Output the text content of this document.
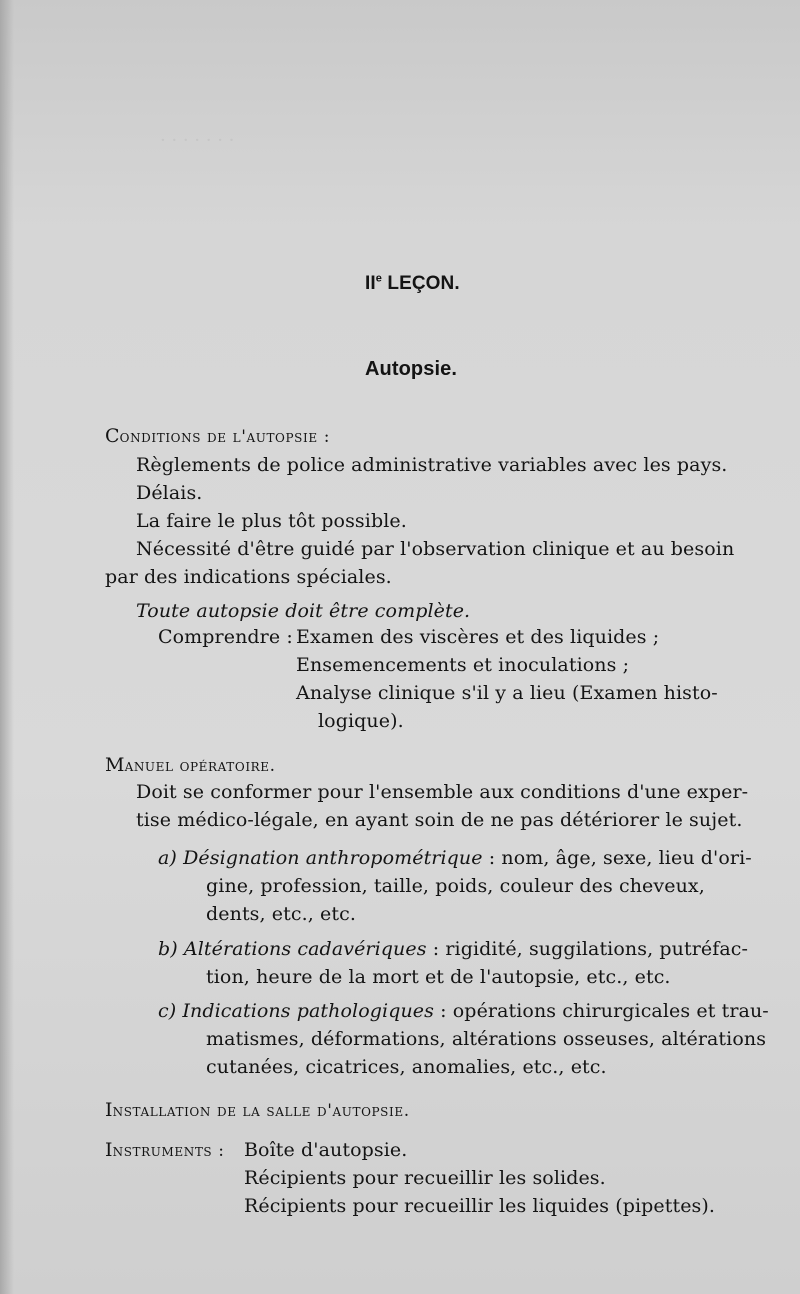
· · · · · · ·
$II^e$ LEÇON.
Autopsie.
Conditions de l'autopsie :
Règlements de police administrative variables avec les pays.
Délais.
La faire le plus tôt possible.
Nécessité d'être guidé par l'observation clinique et au besoin
par des indications spéciales.
Toute autopsie doit être complète.
Comprendre : Examen des viscères et des liquides ;
Ensemencements et inoculations ;
Analyse clinique s'il y a lieu (Examen histo-
logique).
Manuel opératoire.
Doit se conformer pour l'ensemble aux conditions d'une exper-
tise médico-légale, en ayant soin de ne pas détériorer le sujet.
a) Désignation anthropométrique : nom, âge, sexe, lieu d'ori-
gine, profession, taille, poids, couleur des cheveux,
dents, etc., etc.
b) Altérations cadavériques : rigidité, suggilations, putréfac-
tion, heure de la mort et de l'autopsie, etc., etc.
c) Indications pathologiques : opérations chirurgicales et trau-
matismes, déformations, altérations osseuses, altérations
cutanées, cicatrices, anomalies, etc., etc.
Installation de la salle d'autopsie.
Instruments : Boîte d'autopsie.
Récipients pour recueillir les solides.
Récipients pour recueillir les liquides (pipettes).
